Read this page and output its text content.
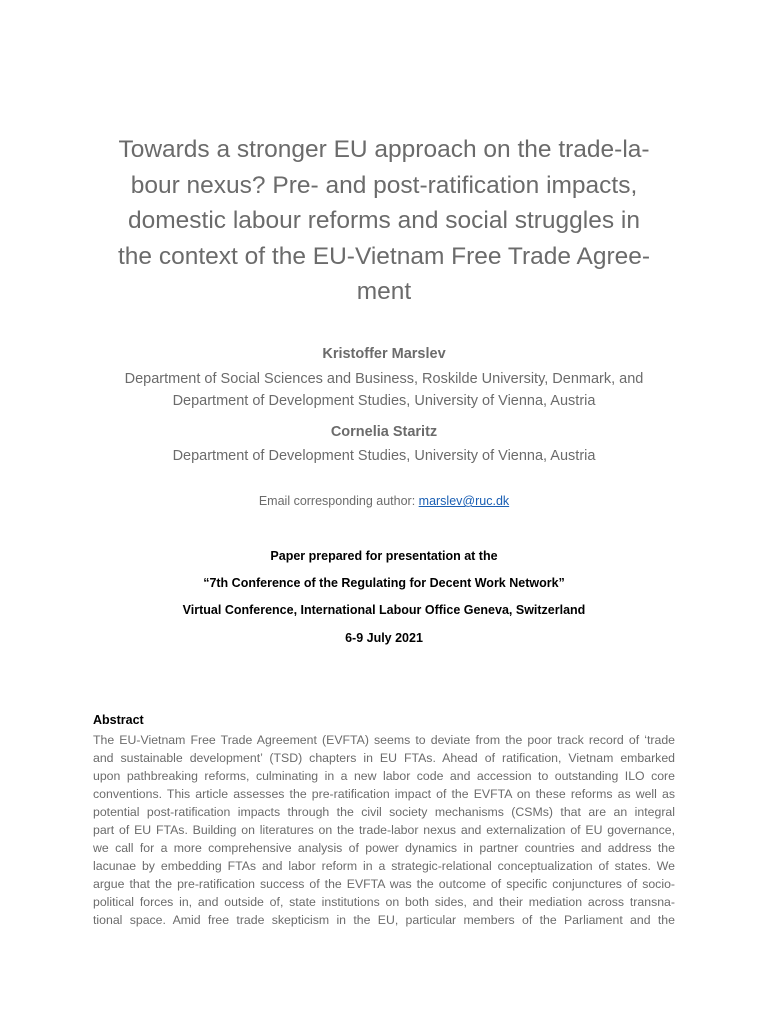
Towards a stronger EU approach on the trade-la-
bour nexus? Pre- and post-ratification impacts,
domestic labour reforms and social struggles in
the context of the EU-Vietnam Free Trade Agree-
ment

Kristoffer Marslev

Department of Social Sciences and Business, Roskilde University, Denmark, and
Department of Development Studies, University of Vienna, Austria

Cornelia Staritz

Department of Development Studies, University of Vienna, Austria

Email corresponding author: marslev@ruc.dk

Paper prepared for presentation at the

“7th Conference of the Regulating for Decent Work Network”

Virtual Conference, International Labour Office Geneva, Switzerland

6-9 July 2021

Abstract

The EU-Vietnam Free Trade Agreement (EVFTA) seems to deviate from the poor track record of ‘trade
and sustainable development’ (TSD) chapters in EU FTAs. Ahead of ratification, Vietnam embarked
upon pathbreaking reforms, culminating in a new labor code and accession to outstanding ILO core
conventions. This article assesses the pre-ratification impact of the EVFTA on these reforms as well as
potential post-ratification impacts through the civil society mechanisms (CSMs) that are an integral
part of EU FTAs. Building on literatures on the trade-labor nexus and externalization of EU governance,
we call for a more comprehensive analysis of power dynamics in partner countries and address the
lacunae by embedding FTAs and labor reform in a strategic-relational conceptualization of states. We
argue that the pre-ratification success of the EVFTA was the outcome of specific conjunctures of socio-
political forces in, and outside of, state institutions on both sides, and their mediation across transna-
tional space. Amid free trade skepticism in the EU, particular members of the Parliament and the
